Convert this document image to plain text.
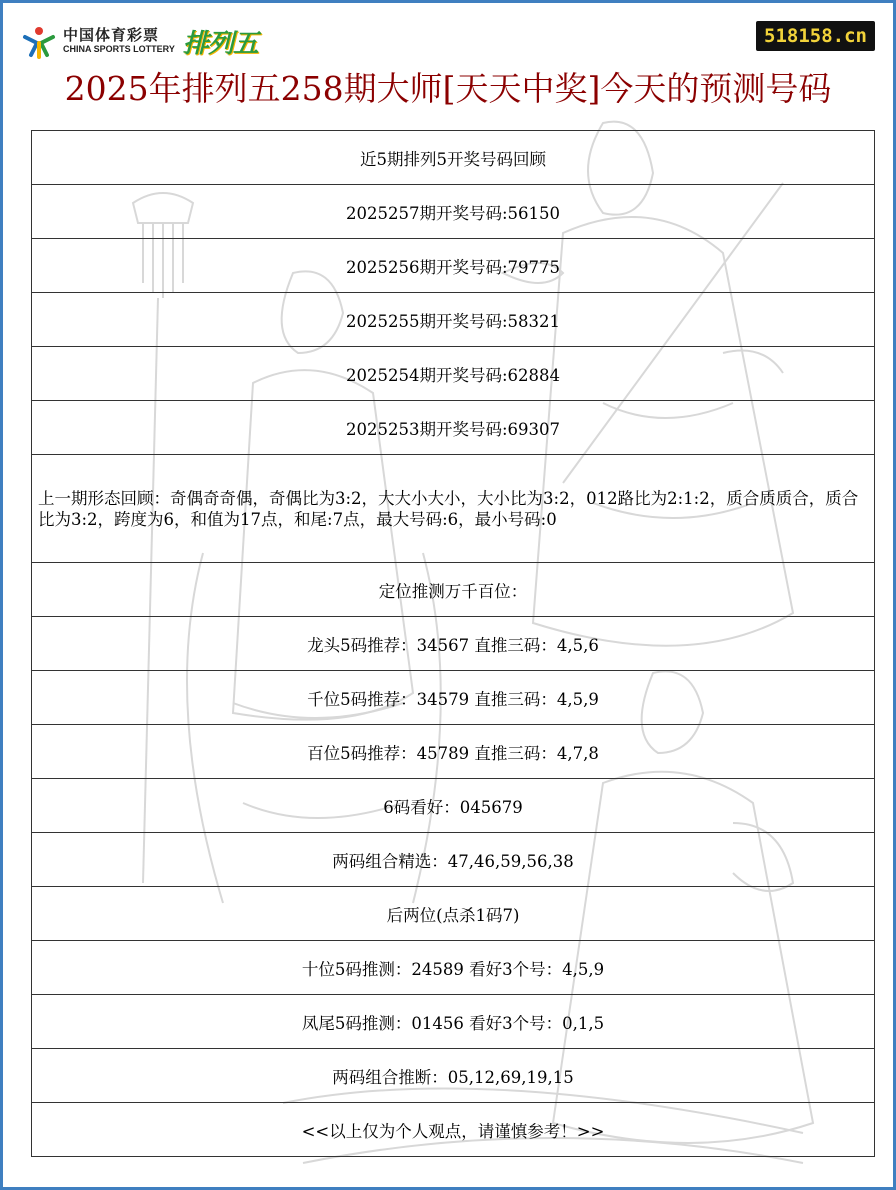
中国体育彩票
CHINA SPORTS LOTTERY 排列五	518158.cn
2025年排列五258期大师[天天中奖]今天的预测号码
近5期排列5开奖号码回顾
2025257期开奖号码:56150
2025256期开奖号码:79775
2025255期开奖号码:58321
2025254期开奖号码:62884
2025253期开奖号码:69307
上一期形态回顾：奇偶奇奇偶，奇偶比为3:2，大大小大小，大小比为3:2，012路比为2:1:2，质合质质合，质合比为3:2，跨度为6，和值为17点，和尾:7点，最大号码:6，最小号码:0
定位推测万千百位：
龙头5码推荐：34567 直推三码：4,5,6
千位5码推荐：34579 直推三码：4,5,9
百位5码推荐：45789 直推三码：4,7,8
6码看好：045679
两码组合精选：47,46,59,56,38
后两位(点杀1码7)
十位5码推测：24589 看好3个号：4,5,9
凤尾5码推测：01456 看好3个号：0,1,5
两码组合推断：05,12,69,19,15
<<以上仅为个人观点，请谨慎参考！>>
